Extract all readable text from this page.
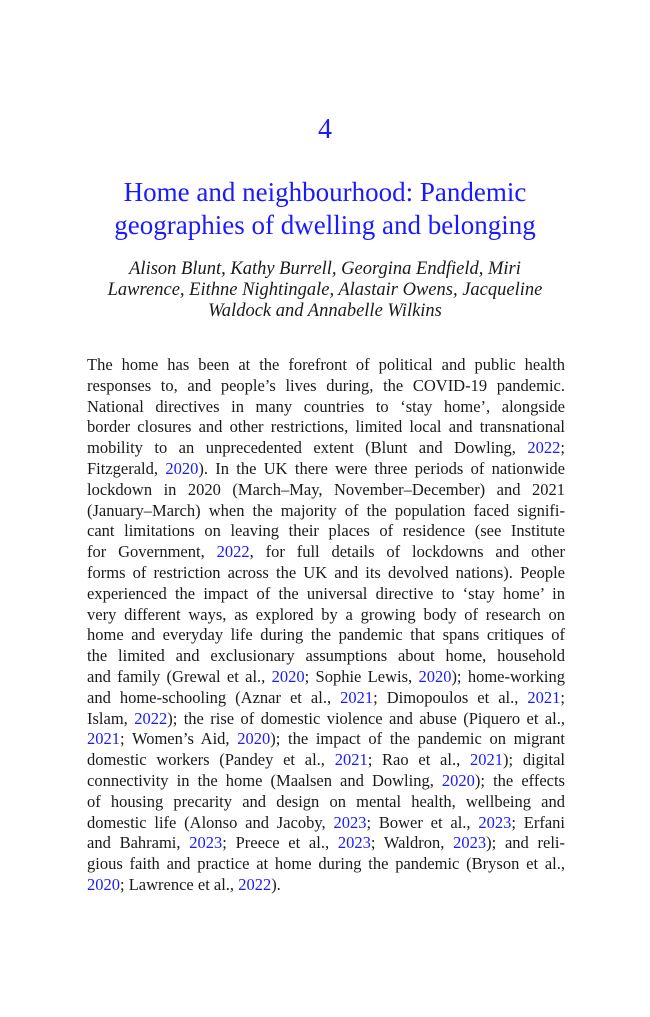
4
Home and neighbourhood: Pandemic
geographies of dwelling and belonging
Alison Blunt, Kathy Burrell, Georgina Endfield, Miri
Lawrence, Eithne Nightingale, Alastair Owens, Jacqueline
Waldock and Annabelle Wilkins
The home has been at the forefront of political and public health
responses to, and people’s lives during, the COVID-19 pandemic.
National directives in many countries to ‘stay home’, alongside
border closures and other restrictions, limited local and transnational
mobility to an unprecedented extent (Blunt and Dowling, 2022;
Fitzgerald, 2020). In the UK there were three periods of nationwide
lockdown in 2020 (March–May, November–December) and 2021
(January–March) when the majority of the population faced signifi-
cant limitations on leaving their places of residence (see Institute
for Government, 2022, for full details of lockdowns and other
forms of restriction across the UK and its devolved nations). People
experienced the impact of the universal directive to ‘stay home’ in
very different ways, as explored by a growing body of research on
home and everyday life during the pandemic that spans critiques of
the limited and exclusionary assumptions about home, household
and family (Grewal et al., 2020; Sophie Lewis, 2020); home-working
and home-schooling (Aznar et al., 2021; Dimopoulos et al., 2021;
Islam, 2022); the rise of domestic violence and abuse (Piquero et al.,
2021; Women’s Aid, 2020); the impact of the pandemic on migrant
domestic workers (Pandey et al., 2021; Rao et al., 2021); digital
connectivity in the home (Maalsen and Dowling, 2020); the effects
of housing precarity and design on mental health, wellbeing and
domestic life (Alonso and Jacoby, 2023; Bower et al., 2023; Erfani
and Bahrami, 2023; Preece et al., 2023; Waldron, 2023); and reli-
gious faith and practice at home during the pandemic (Bryson et al.,
2020; Lawrence et al., 2022).
